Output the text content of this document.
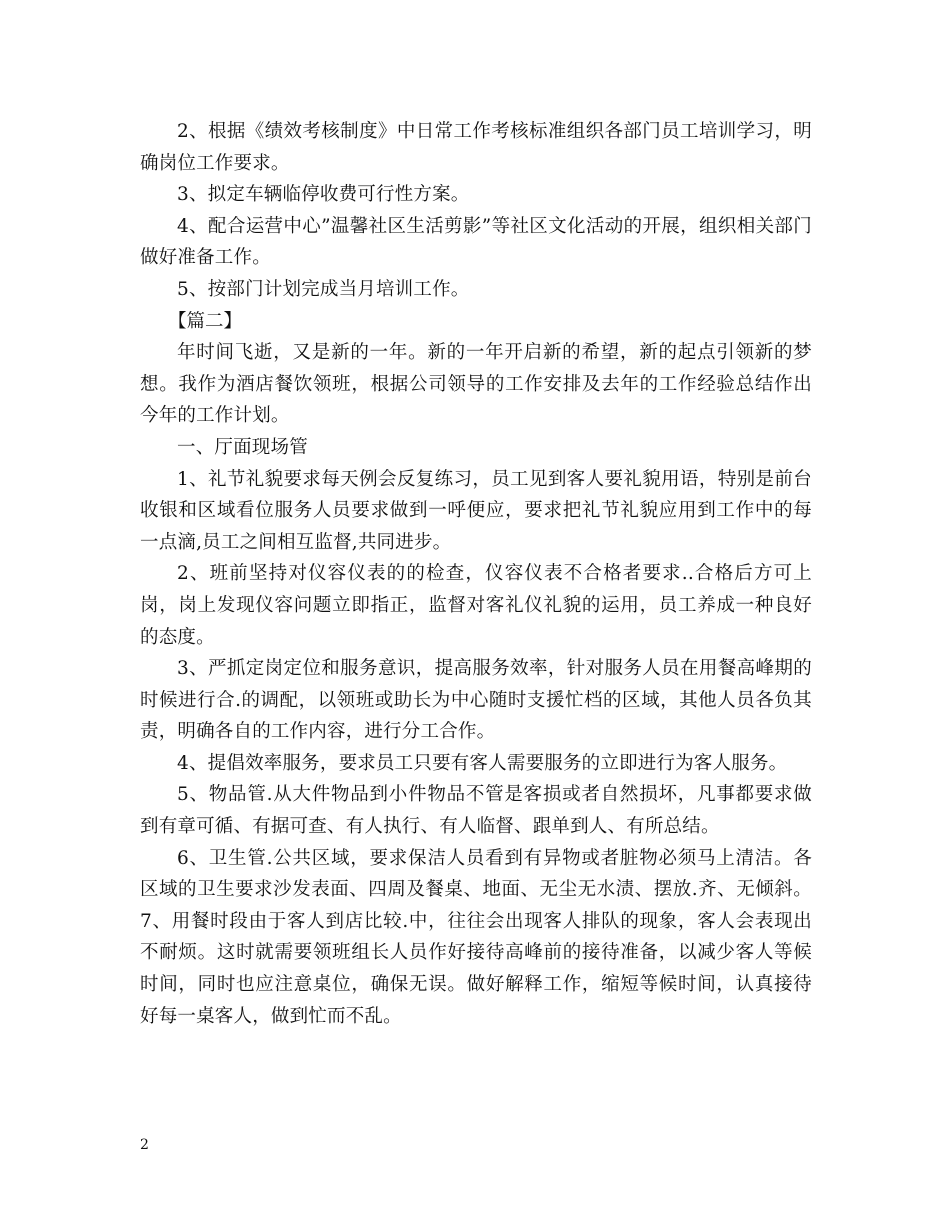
2、根据《绩效考核制度》中日常工作考核标准组织各部门员工培训学习，明确岗位工作要求。

3、拟定车辆临停收费可行性方案。

4、配合运营中心”温馨社区生活剪影”等社区文化活动的开展，组织相关部门做好准备工作。

5、按部门计划完成当月培训工作。

【篇二】

年时间飞逝，又是新的一年。新的一年开启新的希望，新的起点引领新的梦想。我作为酒店餐饮领班，根据公司领导的工作安排及去年的工作经验总结作出今年的工作计划。

一、厅面现场管

1、礼节礼貌要求每天例会反复练习，员工见到客人要礼貌用语，特别是前台收银和区域看位服务人员要求做到一呼便应，要求把礼节礼貌应用到工作中的每一点滴,员工之间相互监督,共同进步。

2、班前坚持对仪容仪表的的检查，仪容仪表不合格者要求..合格后方可上岗，岗上发现仪容问题立即指正，监督对客礼仪礼貌的运用，员工养成一种良好的态度。

3、严抓定岗定位和服务意识，提高服务效率，针对服务人员在用餐高峰期的时候进行合.的调配，以领班或助长为中心随时支援忙档的区域，其他人员各负其责，明确各自的工作内容，进行分工合作。

4、提倡效率服务，要求员工只要有客人需要服务的立即进行为客人服务。

5、物品管.从大件物品到小件物品不管是客损或者自然损坏，凡事都要求做到有章可循、有据可查、有人执行、有人临督、跟单到人、有所总结。

6、卫生管.公共区域，要求保洁人员看到有异物或者脏物必须马上清洁。各区域的卫生要求沙发表面、四周及餐桌、地面、无尘无水渍、摆放.齐、无倾斜。7、用餐时段由于客人到店比较.中，往往会出现客人排队的现象，客人会表现出不耐烦。这时就需要领班组长人员作好接待高峰前的接待准备，以减少客人等候时间，同时也应注意桌位，确保无误。做好解释工作，缩短等候时间，认真接待好每一桌客人，做到忙而不乱。

2
